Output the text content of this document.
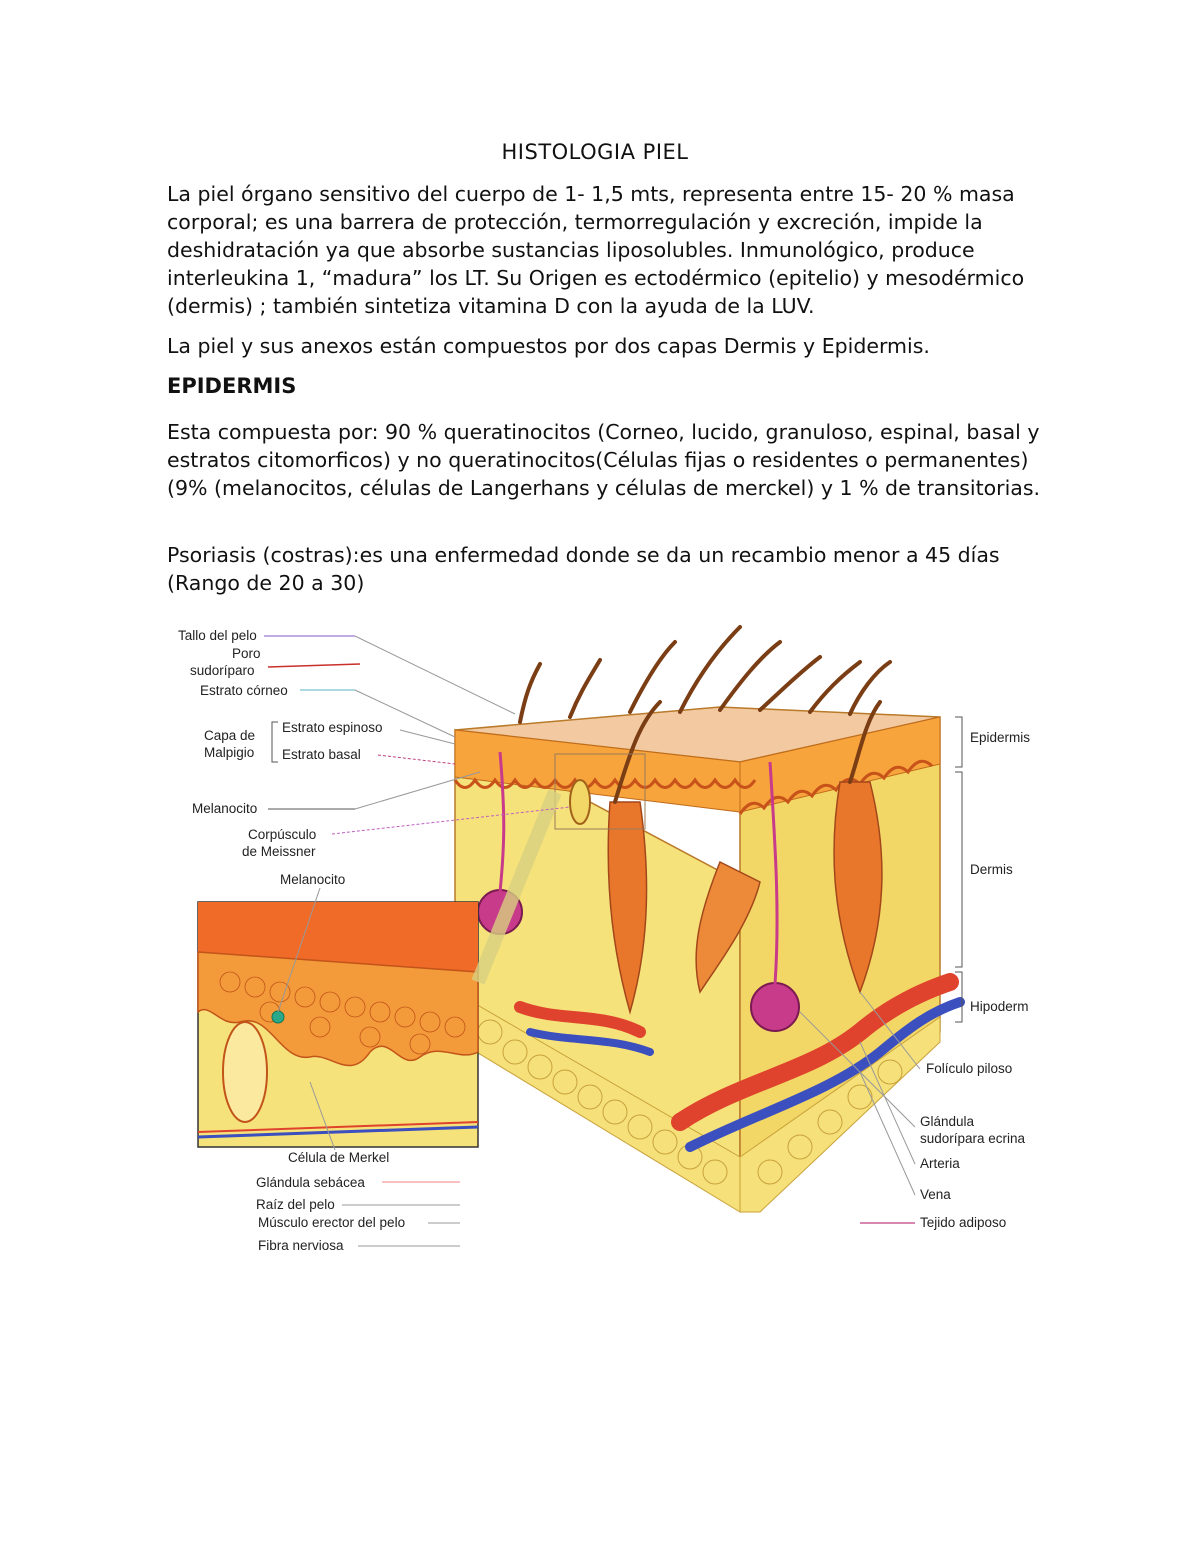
HISTOLOGIA PIEL

La piel órgano sensitivo del cuerpo de 1- 1,5 mts, representa entre 15- 20 % masa corporal; es una barrera de protección, termorregulación y excreción, impide la deshidratación ya que absorbe sustancias liposolubles. Inmunológico, produce interleukina 1, “madura” los LT. Su Origen es ectodérmico (epitelio) y mesodérmico (dermis) ; también sintetiza vitamina D con la ayuda de la LUV.

La piel y sus anexos están compuestos por dos capas Dermis y Epidermis.

EPIDERMIS

Esta compuesta por: 90 % queratinocitos (Corneo, lucido, granuloso, espinal, basal y estratos citomorficos) y no queratinocitos(Células fijas o residentes o permanentes) (9% (melanocitos, células de Langerhans y células de merckel) y 1 % de transitorias.

Psoriasis (costras):es una enfermedad donde se da un recambio menor a 45 días (Rango de 20 a 30)

Tallo del pelo
Poro
sudoríparo
Estrato córneo
Capa de
Malpigio
Estrato espinoso
Estrato basal
Melanocito
Corpúsculo
de Meissner
Melanocito
Célula de Merkel
Glándula sebácea
Raíz del pelo
Músculo erector del pelo
Fibra nerviosa
Epidermis
Dermis
Hipoderm
Folículo piloso
Glándula
sudorípara ecrina
Arteria
Vena
Tejido adiposo
